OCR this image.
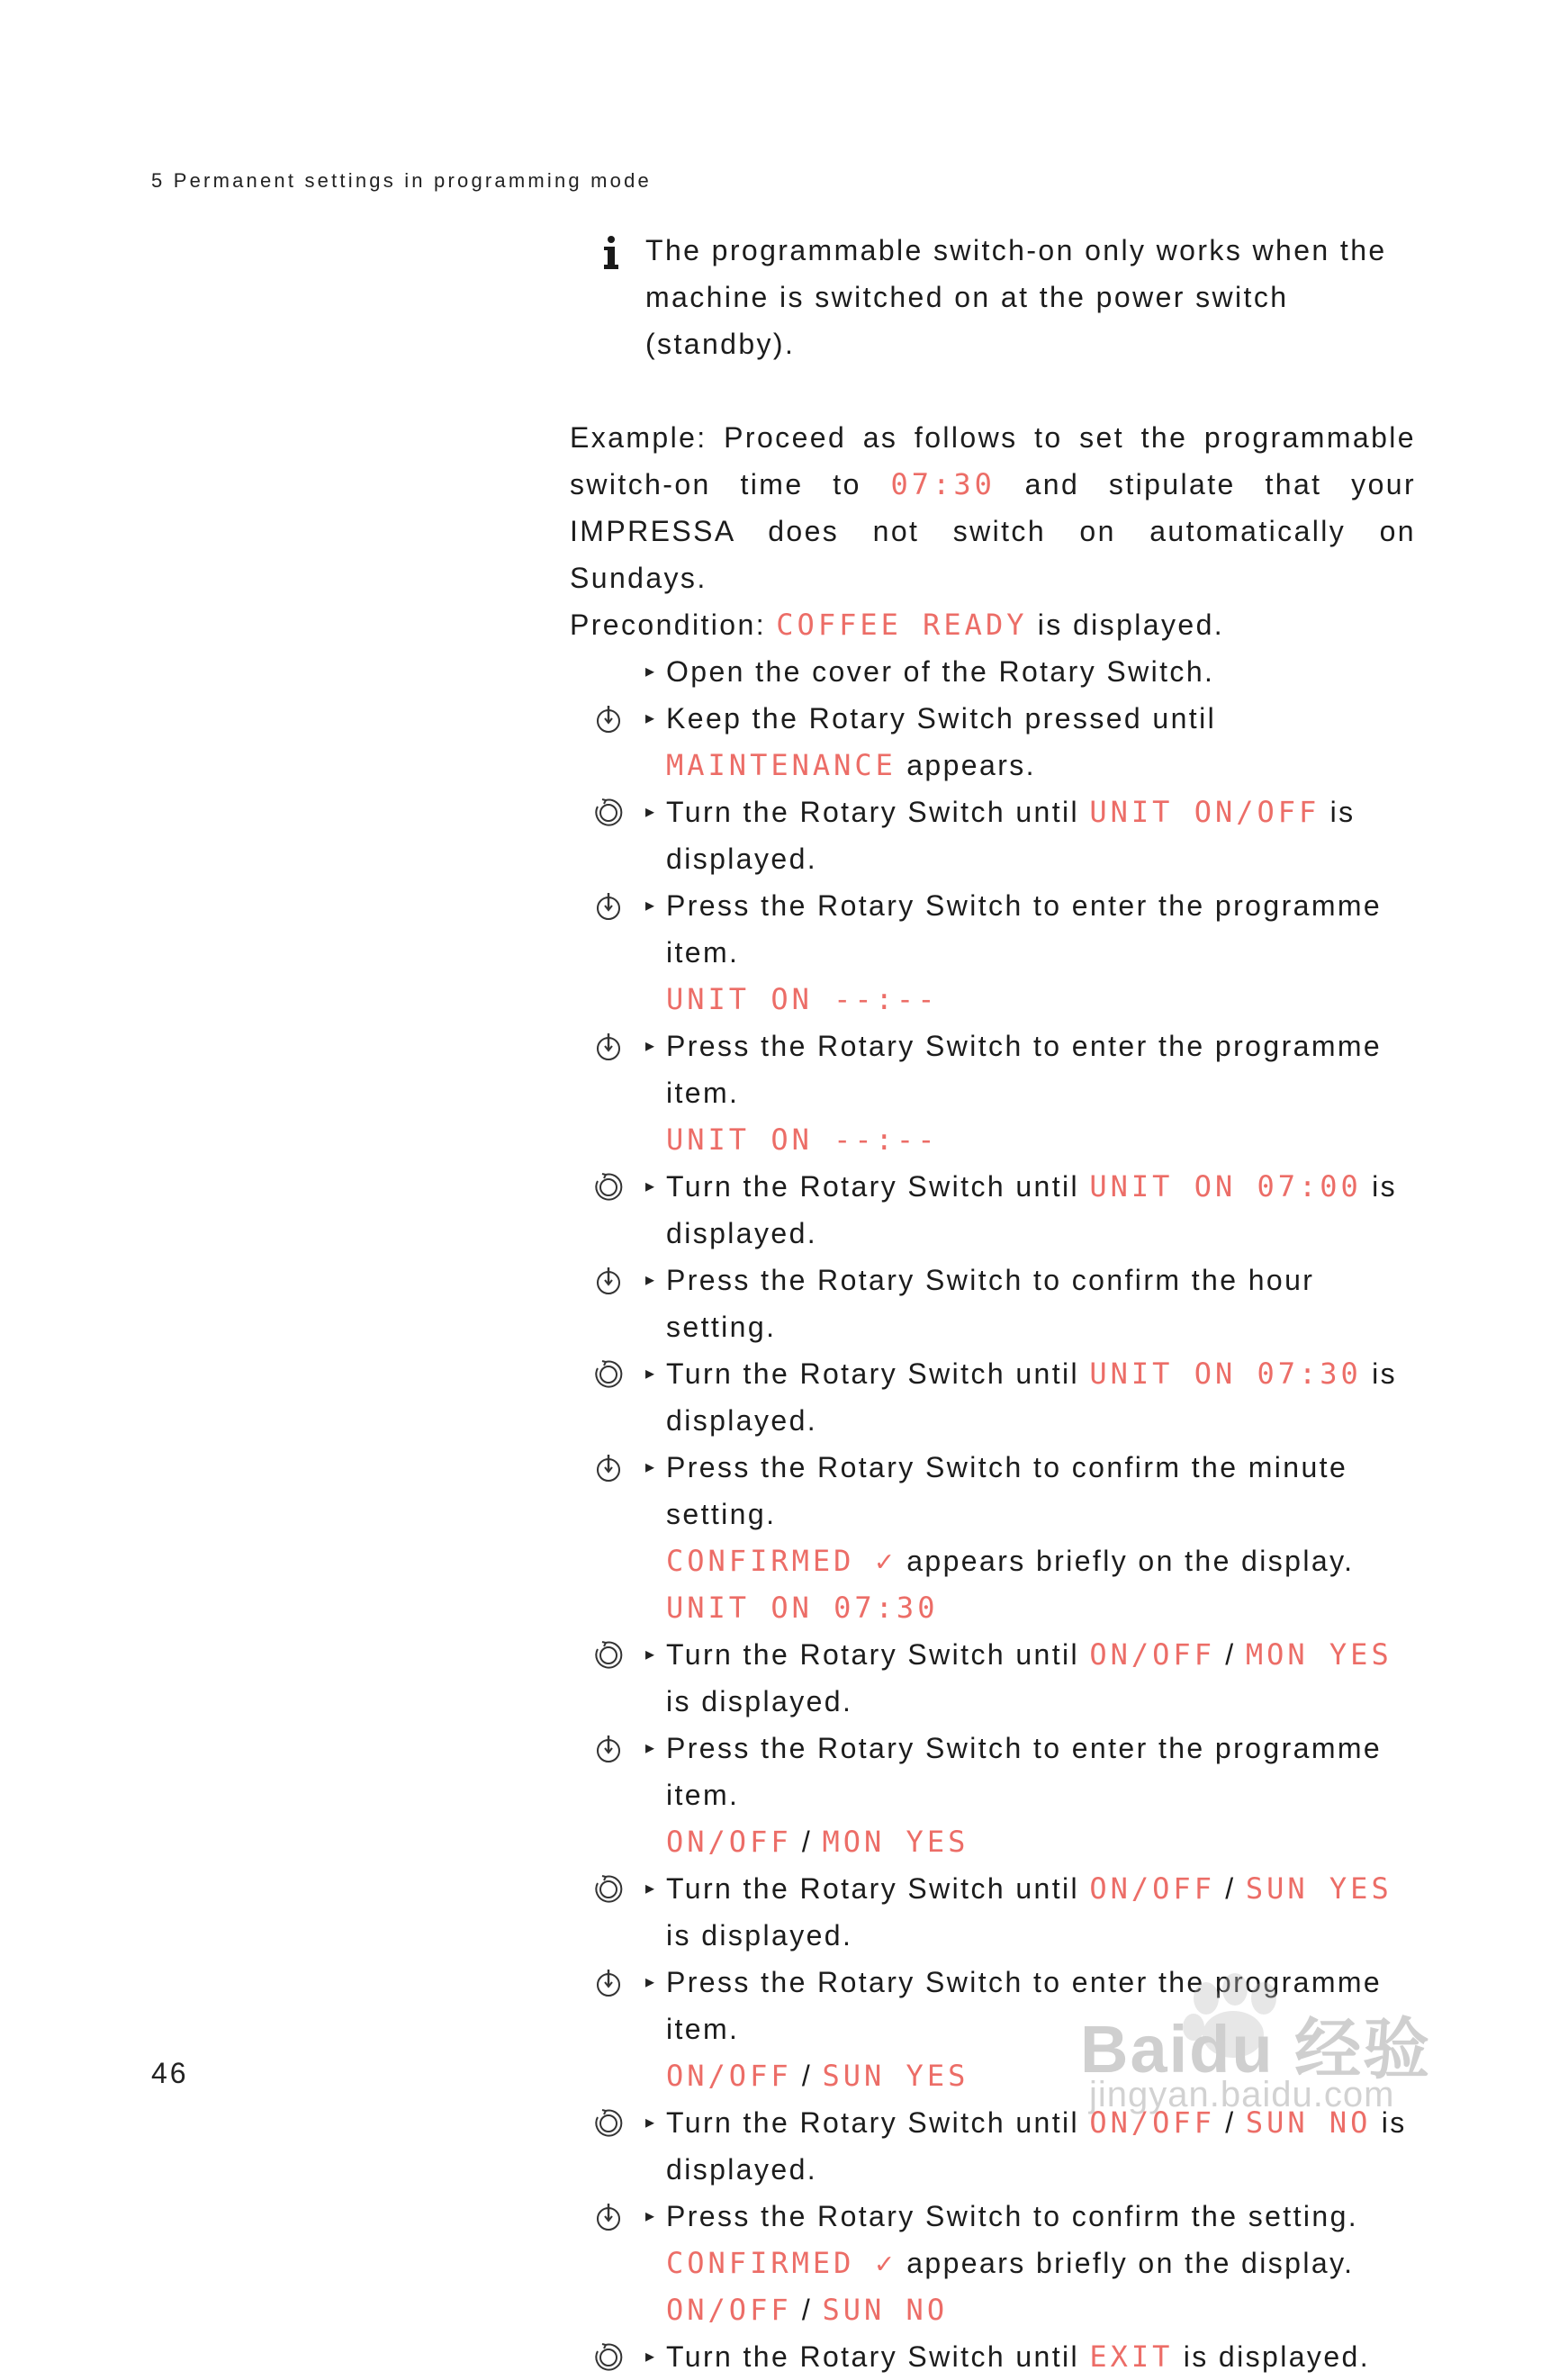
5 Permanent settings in programming mode
The programmable switch-on only works when the machine is switched on at the power switch (standby).

Example: Proceed as follows to set the programmable switch-on time to 07:30 and stipulate that your IMPRESSA does not switch on automatically on Sundays.

Precondition: COFFEE READY is displayed.

▸ Open the cover of the Rotary Switch.
▸ Keep the Rotary Switch pressed until MAINTENANCE appears.
▸ Turn the Rotary Switch until UNIT ON/OFF is displayed.
▸ Press the Rotary Switch to enter the programme item.
UNIT ON --:--
▸ Press the Rotary Switch to enter the programme item.
UNIT ON --:--
▸ Turn the Rotary Switch until UNIT ON 07:00 is displayed.
▸ Press the Rotary Switch to confirm the hour setting.
▸ Turn the Rotary Switch until UNIT ON 07:30 is displayed.
▸ Press the Rotary Switch to confirm the minute setting.
CONFIRMED ✓ appears briefly on the display.
UNIT ON 07:30
▸ Turn the Rotary Switch until ON/OFF / MON YES is displayed.
▸ Press the Rotary Switch to enter the programme item.
ON/OFF / MON YES
▸ Turn the Rotary Switch until ON/OFF / SUN YES is displayed.
▸ Press the Rotary Switch to enter the programme item.
ON/OFF / SUN YES
▸ Turn the Rotary Switch until ON/OFF / SUN NO is displayed.
▸ Press the Rotary Switch to confirm the setting.
CONFIRMED ✓ appears briefly on the display.
ON/OFF / SUN NO
▸ Turn the Rotary Switch until EXIT is displayed.
46	Baidu 经验
jingyan.baidu.com
